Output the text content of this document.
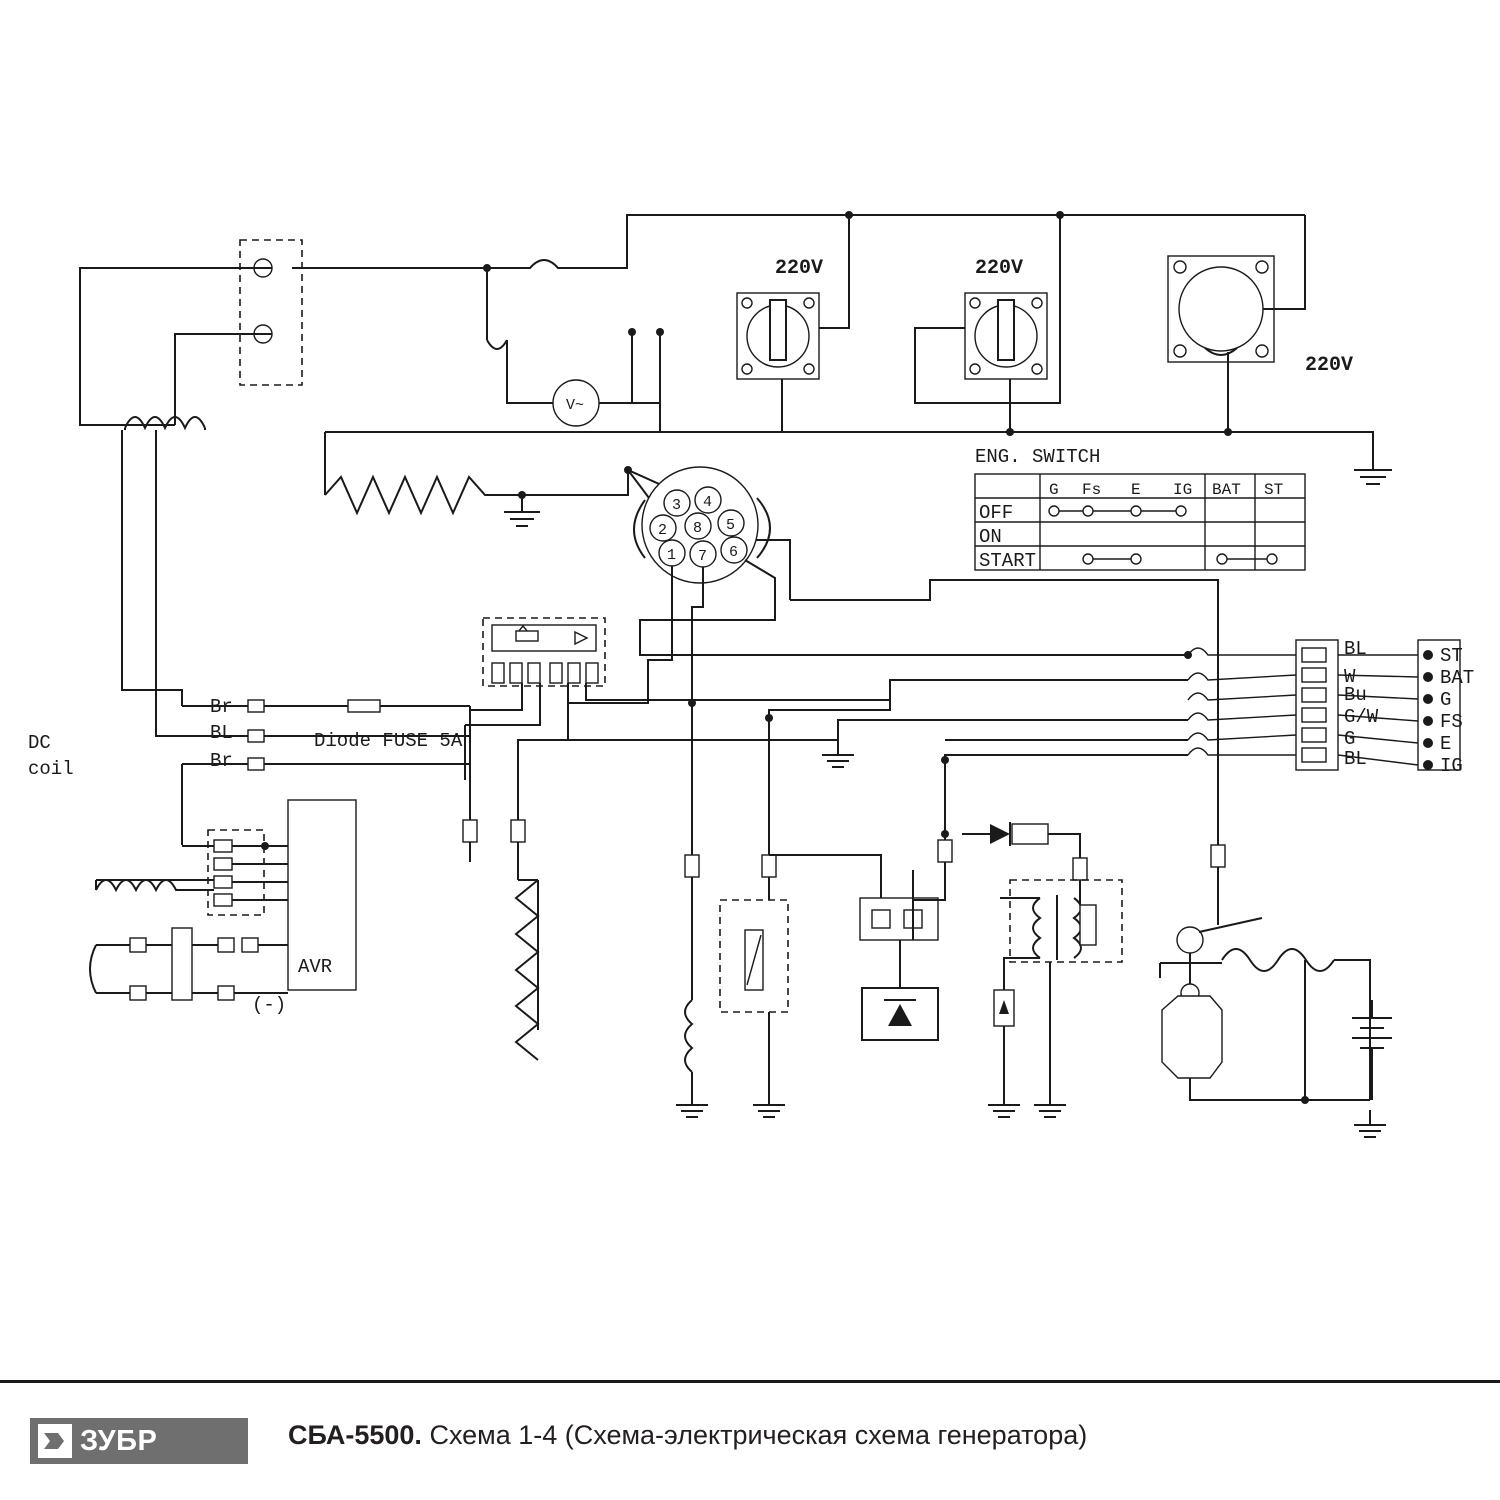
V~
220V	220V
220V
3 4
2 8 5
1 7 6
ENG. SWITCH
G Fs E IG BAT ST
OFF
ON
START
DC
coil
Br
BL
Br
Diode FUSE 5A
AVR
(-)
BL
W
Bu
G/W
G
BL
ST
BAT
G
FS
E
IG
ЗУБР	СБА-5500. Схема 1-4 (Схема-электрическая схема генератора)
